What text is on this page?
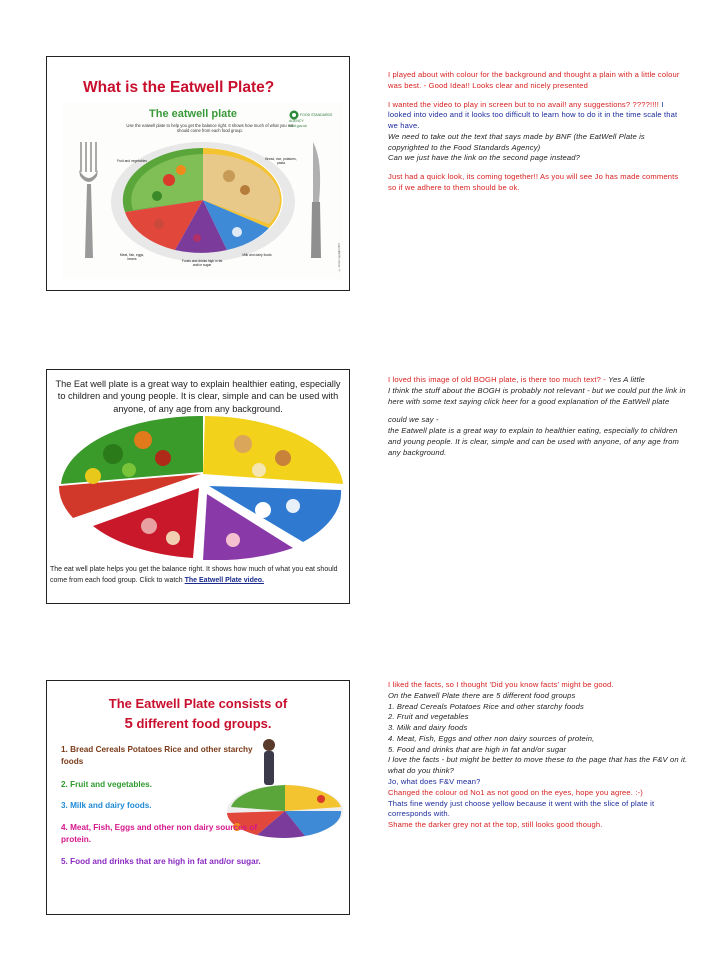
What is the Eatwell Plate?
The eatwell plate
Use the eatwell plate to help you get the balance right. It shows how much of what you eat should come from each food group.
FOOD STANDARDS AGENCY
food.gov.uk
Fruit and vegetables	Bread, rice, potatoes, pasta
Meat, fish, eggs, beans
Foods and drinks high in fat and/or sugar
Milk and dairy foods	© Crown copyright 2007
The Eat well plate is a great way to explain healthier eating, especially to children and young people. It is clear, simple and can be used with anyone, of any age from any background.
The eat well plate helps you get the balance right. It shows how much of what you eat should come from each food group. Click to watch The Eatwell Plate video.
The Eatwell Plate consists of
5 different food groups.
1. Bread Cereals Potatoes Rice and other starchy foods
2. Fruit and vegetables.
3. Milk and dairy foods.
4. Meat, Fish, Eggs and other non dairy sources of protein.
5. Food and drinks that are high in fat and/or sugar.

I played about with colour for the background and thought a plain with a little colour was best. - Good Idea!! Looks clear and nicely presented

I wanted the video to play in screen but to no avail! any suggestions? ????!!!! I looked into video and it looks too difficult to learn how to do it in the time scale that we have.

We need to take out the text that says made by BNF (the EatWell Plate is copyrighted to the Food Standards Agency)

Can we just have the link on the second page instead?

Just had a quick look, its coming together!! As you will see Jo has made comments so if we adhere to them should be ok.

I loved this image of old BOGH plate, is there too much text? - Yes A little

I think the stuff about the BOGH is probably not relevant - but we could put the link in here with some text saying click heer for a good explanation of the EatWell plate

could we say -

the Eatwell plate is a great way to explain to healthier eating, especially to children and young people. It is clear, simple and can be used with anyone, of any age from any background.

I liked the facts, so I thought 'Did you know facts' might be good.

On the Eatwell Plate there are 5 different food groups

1. Bread Cereals Potatoes Rice and other starchy foods

2. Fruit and vegetables

3. Milk and dairy foods

4. Meat, Fish, Eggs and other non dairy sources of protein,

5. Food and drinks that are high in fat and/or sugar

I love the facts - but might be better to move these to the page that has the F&V on it. what do you think?

Jo, what does F&V mean?

Changed the colour od No1 as not good on the eyes, hope you agree. :-)

Thats fine wendy just choose yellow because it went with the slice of plate it corresponds with.

Shame the darker grey not at the top, still looks good though.
